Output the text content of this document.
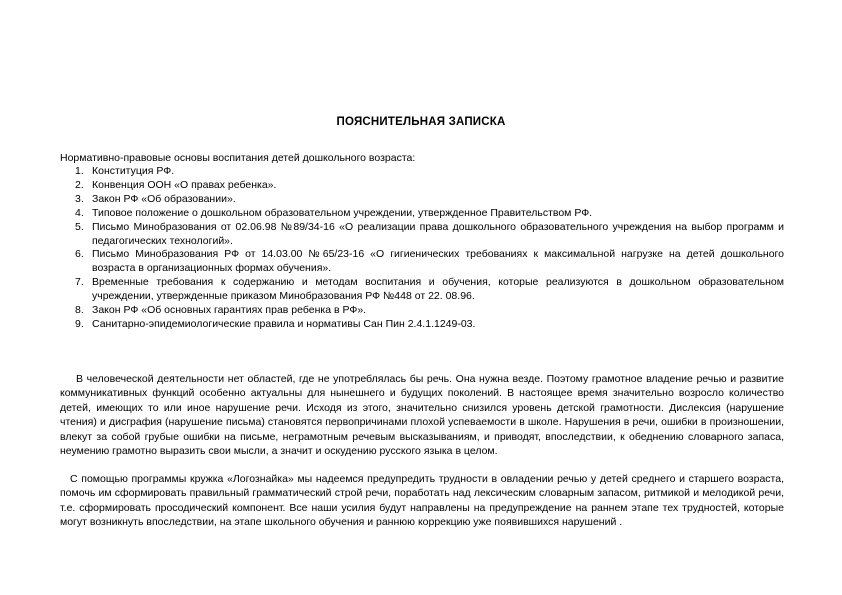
ПОЯСНИТЕЛЬНАЯ ЗАПИСКА
Нормативно-правовые основы воспитания детей дошкольного возраста:
1. Конституция РФ.
2. Конвенция ООН «О правах ребенка».
3. Закон РФ «Об образовании».
4. Типовое положение о дошкольном образовательном учреждении, утвержденное Правительством РФ.
5. Письмо Минобразования от 02.06.98 №89/34-16 «О реализации права дошкольного образовательного учреждения на выбор программ и педагогических технологий».
6. Письмо Минобразования РФ от 14.03.00 №65/23-16 «О гигиенических требованиях к максимальной нагрузке на детей дошкольного возраста в организационных формах обучения».
7. Временные требования к содержанию и методам воспитания и обучения, которые реализуются в дошкольном образовательном учреждении, утвержденные приказом Минобразования РФ №448 от 22. 08.96.
8. Закон РФ «Об основных гарантиях прав ребенка в РФ».
9. Санитарно-эпидемиологические правила и нормативы Сан Пин 2.4.1.1249-03.

В человеческой деятельности нет областей, где не употреблялась бы речь. Она нужна везде. Поэтому грамотное владение речью и развитие коммуникативных функций особенно актуальны для нынешнего и будущих поколений. В настоящее время значительно возросло количество детей, имеющих то или иное нарушение речи. Исходя из этого, значительно снизился уровень детской грамотности. Дислексия (нарушение чтения) и дисграфия (нарушение письма) становятся первопричинами плохой успеваемости в школе. Нарушения в речи, ошибки в произношении, влекут за собой грубые ошибки на письме, неграмотным речевым высказываниям, и приводят, впоследствии, к обеднению словарного запаса, неумению грамотно выразить свои мысли, а значит и оскудению русского языка в целом.

С помощью программы кружка «Логознайка» мы надеемся предупредить трудности в овладении речью у детей среднего и старшего возраста, помочь им сформировать правильный грамматический строй речи, поработать над лексическим словарным запасом, ритмикой и мелодикой речи, т.е. сформировать просодический компонент. Все наши усилия будут направлены на предупреждение на раннем этапе тех трудностей, которые могут возникнуть впоследствии, на этапе школьного обучения и раннюю коррекцию уже появившихся нарушений .
